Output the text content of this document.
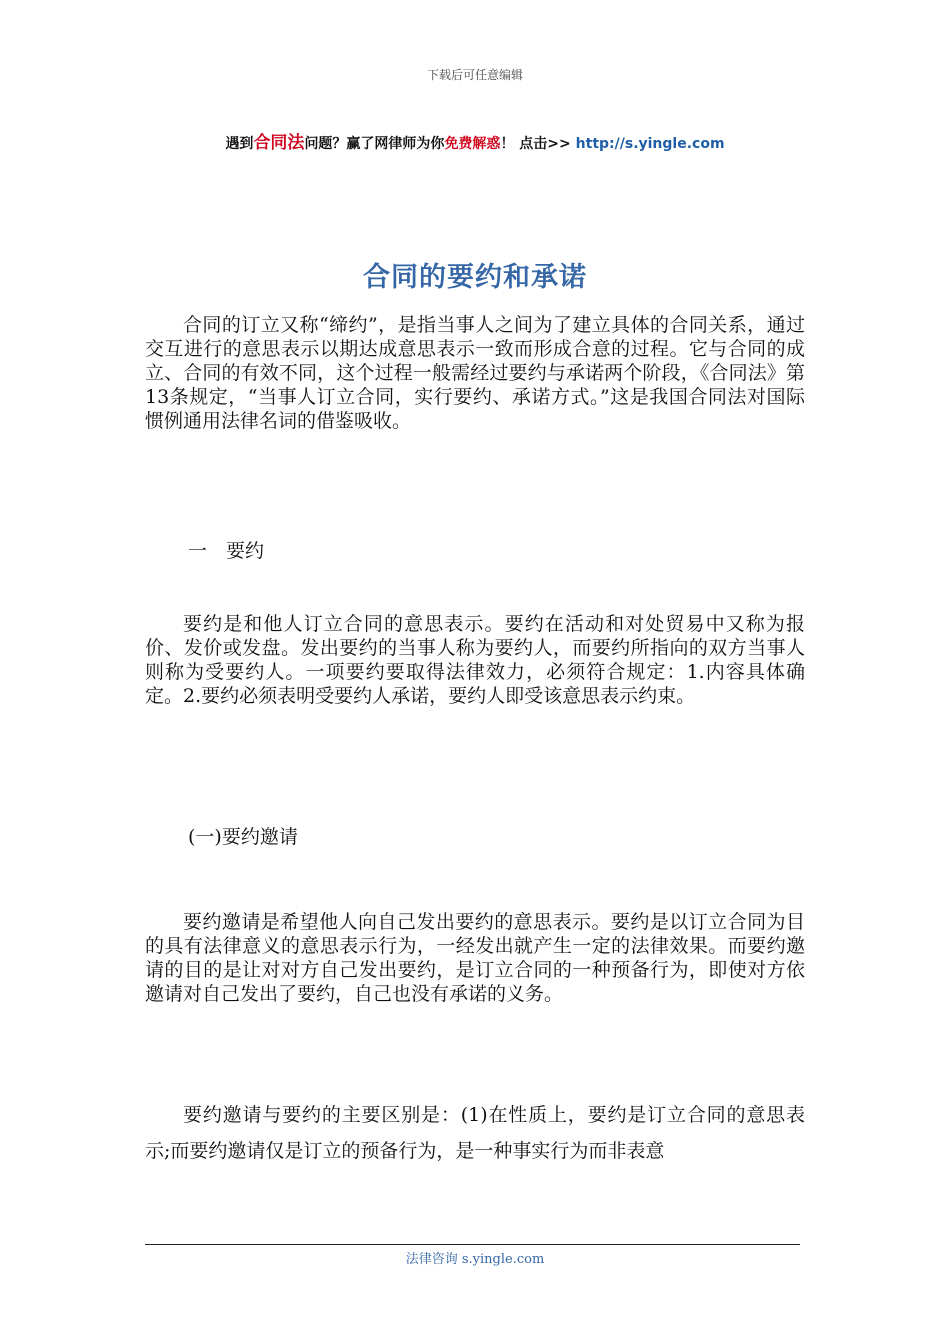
下载后可任意编辑
遇到合同法问题？赢了网律师为你免费解惑！ 点击>> http://s.yingle.com
合同的要约和承诺

合同的订立又称“缔约”，是指当事人之间为了建立具体的合同关系，通过交互进行的意思表示以期达成意思表示一致而形成合意的过程。它与合同的成立、合同的有效不同，这个过程一般需经过要约与承诺两个阶段，《合同法》第13条规定，“当事人订立合同，实行要约、承诺方式。”这是我国合同法对国际惯例通用法律名词的借鉴吸收。

一　要约

要约是和他人订立合同的意思表示。要约在活动和对处贸易中又称为报价、发价或发盘。发出要约的当事人称为要约人，而要约所指向的双方当事人则称为受要约人。一项要约要取得法律效力，必须符合规定：1.内容具体确定。2.要约必须表明受要约人承诺，要约人即受该意思表示约束。

(一)要约邀请

要约邀请是希望他人向自己发出要约的意思表示。要约是以订立合同为目的具有法律意义的意思表示行为，一经发出就产生一定的法律效果。而要约邀请的目的是让对对方自己发出要约，是订立合同的一种预备行为，即使对方依邀请对自己发出了要约，自己也没有承诺的义务。

要约邀请与要约的主要区别是：(1)在性质上，要约是订立合同的意思表示;而要约邀请仅是订立的预备行为，是一种事实行为而非表意

法律咨询 s.yingle.com
